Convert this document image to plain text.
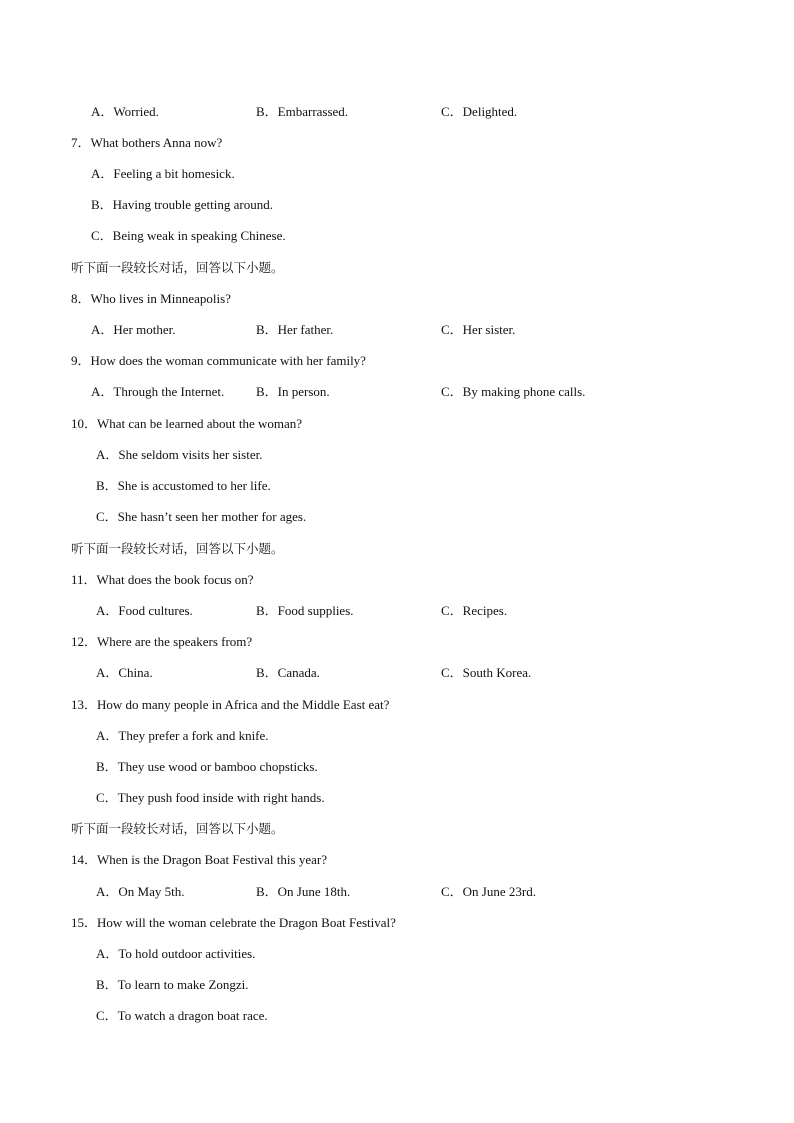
A．Worried.	B．Embarrassed.	C．Delighted.
7．What bothers Anna now?
A．Feeling a bit homesick.
B．Having trouble getting around.
C．Being weak in speaking Chinese.
听下面一段较长对话，回答以下小题。
8．Who lives in Minneapolis?
A．Her mother.	B．Her father.	C．Her sister.
9．How does the woman communicate with her family?
A．Through the Internet. B．In person.	C．By making phone calls.
10．What can be learned about the woman?
A．She seldom visits her sister.
B．She is accustomed to her life.
C．She hasn’t seen her mother for ages.
听下面一段较长对话，回答以下小题。
11．What does the book focus on?
A．Food cultures.	B．Food supplies.	C．Recipes.
12．Where are the speakers from?
A．China.	B．Canada.	C．South Korea.
13．How do many people in Africa and the Middle East eat?
A．They prefer a fork and knife.
B．They use wood or bamboo chopsticks.
C．They push food inside with right hands.
听下面一段较长对话，回答以下小题。
14．When is the Dragon Boat Festival this year?
A．On May 5th.	B．On June 18th.	C．On June 23rd.
15．How will the woman celebrate the Dragon Boat Festival?
A．To hold outdoor activities.
B．To learn to make Zongzi.
C．To watch a dragon boat race.
